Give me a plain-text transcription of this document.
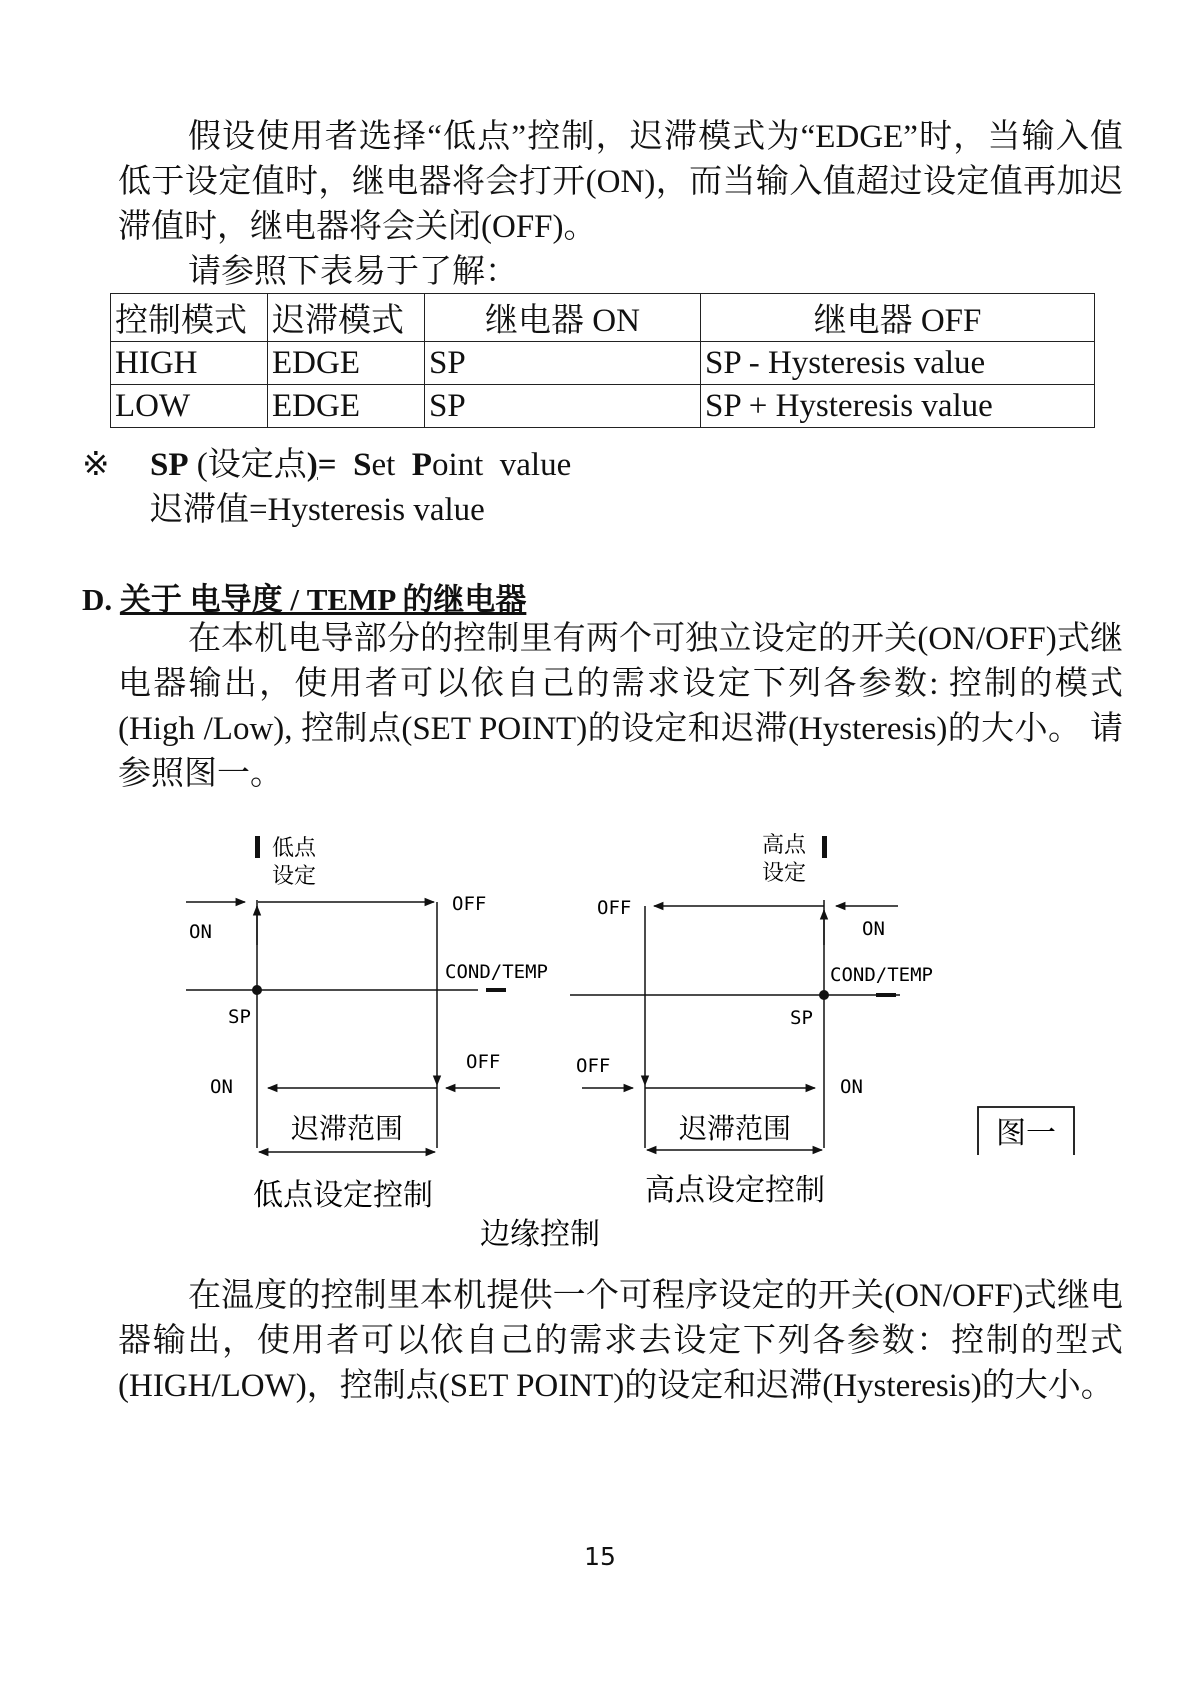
假设使用者选择“低点”控制，迟滞模式为“EDGE”时，当输入值低于设定值时，继电器将会打开(ON)，而当输入值超过设定值再加迟滞值时，继电器将会关闭(OFF)。

请参照下表易于了解：

控制模式	迟滞模式	继电器 ON	继电器 OFF
HIGH	EDGE	SP	SP - Hysteresis value
LOW	EDGE	SP	SP + Hysteresis value
※ SP (设定点)= Set Point value

迟滞值=Hysteresis value

D. 关于 电导度 / TEMP 的继电器

在本机电导部分的控制里有两个可独立设定的开关(ON/OFF)式继电器输出，使用者可以依自己的需求设定下列各参数: 控制的模式(High /Low), 控制点(SET POINT)的设定和迟滞(Hysteresis)的大小。 请参照图一。

低点
设定
COND/TEMP
SP
ON
OFF
OFF
ON
迟滞范围
低点设定控制
高点
设定
COND/TEMP
SP
ON
OFF
OFF
ON
迟滞范围
高点设定控制
图一
边缘控制

在温度的控制里本机提供一个可程序设定的开关(ON/OFF)式继电器输出，使用者可以依自己的需求去设定下列各参数：控制的型式(HIGH/LOW)，控制点(SET POINT)的设定和迟滞(Hysteresis)的大小。

15
